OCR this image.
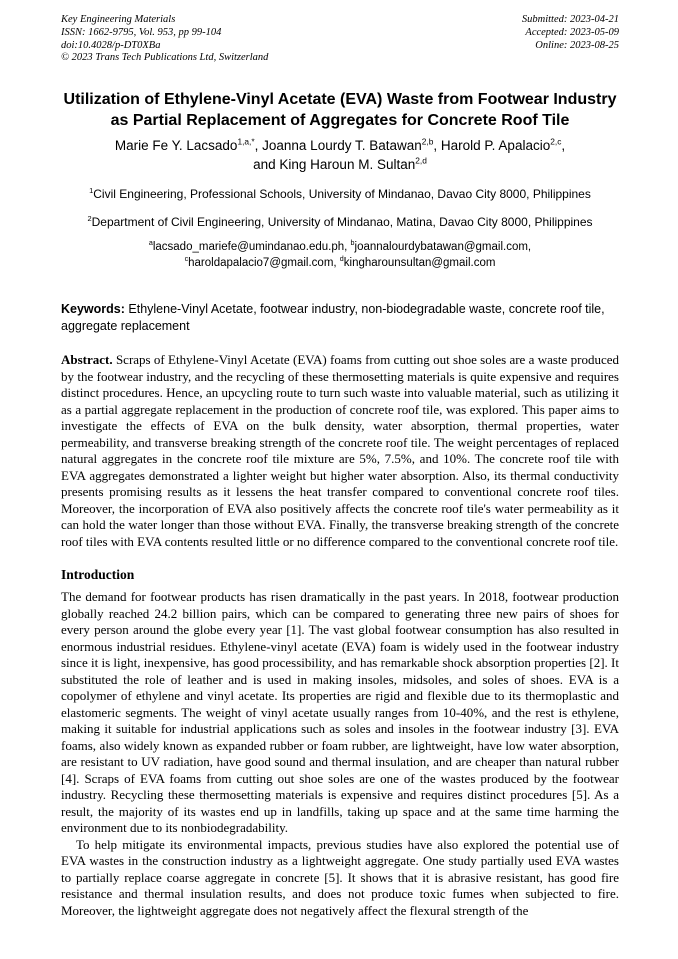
Key Engineering Materials
ISSN: 1662-9795, Vol. 953, pp 99-104
doi:10.4028/p-DT0XBa
© 2023 Trans Tech Publications Ltd, Switzerland
Submitted: 2023-04-21
Accepted: 2023-05-09
Online: 2023-08-25
Utilization of Ethylene-Vinyl Acetate (EVA) Waste from Footwear Industry as Partial Replacement of Aggregates for Concrete Roof Tile

Marie Fe Y. Lacsado$^{1,a,*}$, Joanna Lourdy T. Batawan$^{2,b}$, Harold P. Apalacio$^{2,c}$,
and King Haroun M. Sultan$^{2,d}$

$^1$Civil Engineering, Professional Schools, University of Mindanao, Davao City 8000, Philippines

$^2$Department of Civil Engineering, University of Mindanao, Matina, Davao City 8000, Philippines

$^a$lacsado_mariefe@umindanao.edu.ph, $^b$joannalourdybatawan@gmail.com,
$^c$haroldapalacio7@gmail.com, $^d$kingharounsultan@gmail.com

Keywords: Ethylene-Vinyl Acetate, footwear industry, non-biodegradable waste, concrete roof tile, aggregate replacement

Abstract. Scraps of Ethylene-Vinyl Acetate (EVA) foams from cutting out shoe soles are a waste produced by the footwear industry, and the recycling of these thermosetting materials is quite expensive and requires distinct procedures. Hence, an upcycling route to turn such waste into valuable material, such as utilizing it as a partial aggregate replacement in the production of concrete roof tile, was explored. This paper aims to investigate the effects of EVA on the bulk density, water absorption, thermal properties, water permeability, and transverse breaking strength of the concrete roof tile. The weight percentages of replaced natural aggregates in the concrete roof tile mixture are 5%, 7.5%, and 10%. The concrete roof tile with EVA aggregates demonstrated a lighter weight but higher water absorption. Also, its thermal conductivity presents promising results as it lessens the heat transfer compared to conventional concrete roof tiles. Moreover, the incorporation of EVA also positively affects the concrete roof tile's water permeability as it can hold the water longer than those without EVA. Finally, the transverse breaking strength of the concrete roof tiles with EVA contents resulted little or no difference compared to the conventional concrete roof tile.

Introduction

The demand for footwear products has risen dramatically in the past years. In 2018, footwear production globally reached 24.2 billion pairs, which can be compared to generating three new pairs of shoes for every person around the globe every year [1]. The vast global footwear consumption has also resulted in enormous industrial residues. Ethylene-vinyl acetate (EVA) foam is widely used in the footwear industry since it is light, inexpensive, has good processibility, and has remarkable shock absorption properties [2]. It substituted the role of leather and is used in making insoles, midsoles, and soles of shoes. EVA is a copolymer of ethylene and vinyl acetate. Its properties are rigid and flexible due to its thermoplastic and elastomeric segments. The weight of vinyl acetate usually ranges from 10-40%, and the rest is ethylene, making it suitable for industrial applications such as soles and insoles in the footwear industry [3]. EVA foams, also widely known as expanded rubber or foam rubber, are lightweight, have low water absorption, are resistant to UV radiation, have good sound and thermal insulation, and are cheaper than natural rubber [4]. Scraps of EVA foams from cutting out shoe soles are one of the wastes produced by the footwear industry. Recycling these thermosetting materials is expensive and requires distinct procedures [5]. As a result, the majority of its wastes end up in landfills, taking up space and at the same time harming the environment due to its nonbiodegradability.

To help mitigate its environmental impacts, previous studies have also explored the potential use of EVA wastes in the construction industry as a lightweight aggregate. One study partially used EVA wastes to partially replace coarse aggregate in concrete [5]. It shows that it is abrasive resistant, has good fire resistance and thermal insulation results, and does not produce toxic fumes when subjected to fire. Moreover, the lightweight aggregate does not negatively affect the flexural strength of the
